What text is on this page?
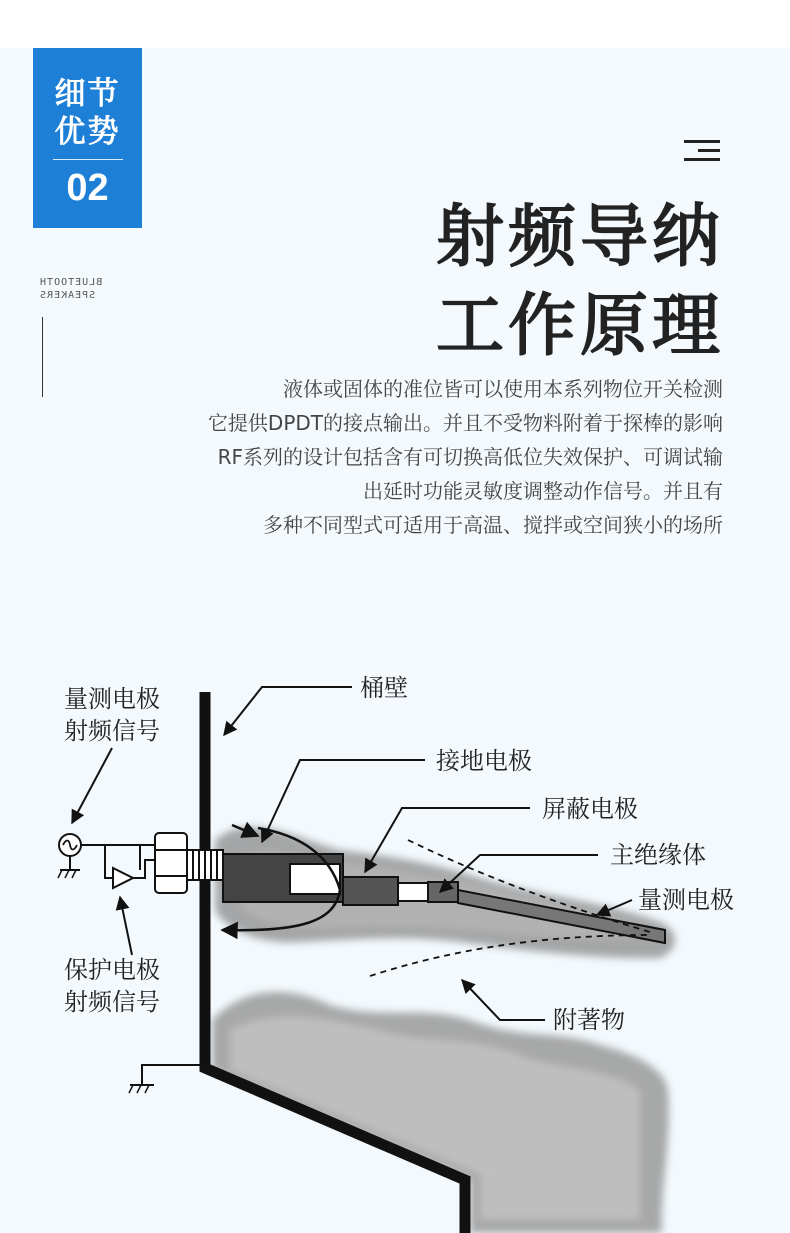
细节
优势
02
BLUETOOTH
SPEAKERS
射频导纳
工作原理
液体或固体的准位皆可以使用本系列物位开关检测
它提供DPDT的接点输出。并且不受物料附着于探棒的影响
RF系列的设计包括含有可切换高低位失效保护、可调试输
出延时功能灵敏度调整动作信号。并且有
多种不同型式可适用于高温、搅拌或空间狭小的场所
量测电极
射频信号
桶壁
接地电极
屏蔽电极
主绝缘体
量测电极
保护电极
射频信号
附著物
